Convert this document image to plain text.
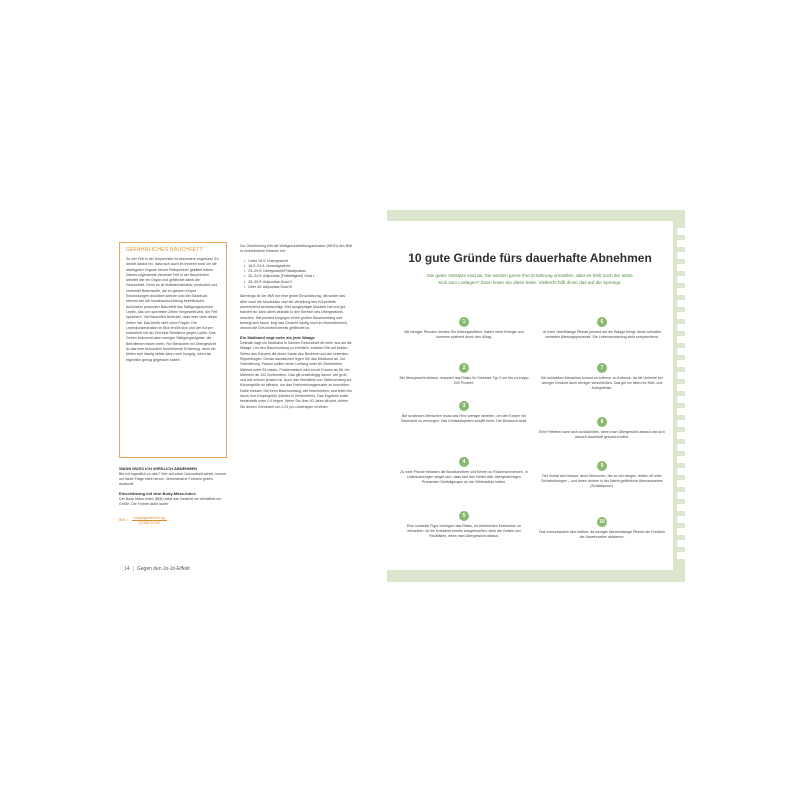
GEFÄHRLICHES BAUCHFETT
Zu viel Fett in der Körpermitte ist besonders ungesund. Es deutet darauf hin, dass sich auch im Inneren rund um die wichtigsten Organe herum Fettspeicher gebildet haben. Dieses sogenannte viszerale Fett in der Bauchhöhle arbeitet wie ein Organ und gefährdet dabei die Gesundheit. Denn es ist stoffwechselaktiv, produziert und verbreitet Botenstoffe, die im ganzen Körper Entzündungen auslösen können und den Blutdruck ebenso wie die Insulinausschüttung beeinflussen. Außerdem produziert Bauchfett das Sättigungshormon Leptin, das von speziellen Zellen hergestellt wird, die Fett speichern. Viel Bauchfett bedeutet, dass man viele dieser Zellen hat. Das bleibt nicht ohne Folgen: Die Leptinkonzentration im Blut erhöht sich und der Körper entwickelt mit der Zeit eine Resistenz gegen Leptin. Das Gehirn bekommt dann weniger Sättigungssignale, die Betroffenen essen mehr. Für Menschen mit Übergewicht ist das eine besonders frustrierende Erfahrung, denn sie fühlen sich häufig selbst dann noch hungrig, wenn sie eigentlich genug gegessen haben.
WANN MUSS ICH WIRKLICH ABNEHMEN
Bin ich eigentlich zu dick? Wer auf seine Gesundheit achtet, kommt um diese Frage nicht herum. Verschiedene Formeln geben Auskunft:
Einschätzung mit dem Body-Mass-Index
Der Body-Mass-Index (BMI) setzt das Gewicht ins Verhältnis zur Größe. Die Formel dafür lautet:
BMI = $\frac{\text{Körpergewicht in kg}}{\text{(Größe in m)²}}$
Zur Orientierung teilt die Weltgesundheitsorganisation (WHO) den BMI in verschiedene Klassen ein:
• Unter 16,5: Untergewicht
• 16,5–24,9: Normalgewicht
• 25–29,9: Übergewicht/Präadipositas
• 30–34,9: Adipositas (Fettleibigkeit) Grad I
• 35–39,9: Adipositas Grad II
• Über 40: Adipositas Grad III
Allerdings ist der BMI nur eine grobe Einschätzung, die weder das Alter noch die Muskulatur und die Verteilung des Körperfetts ausreichend berücksichtigt. Wer ausgeprägte Muskeln hat und gut trainiert ist, kann allein deshalb in den Bereich des Übergewichts rutschen. Hat jemand hingegen einen großen Bauchumfang und bewegt sich kaum, liegt das Gewicht häufig noch im Normalbereich, obwohl die Gesundheit bereits gefährdet ist.
Ein Maßband sagt mehr als jede Waage
Deshalb sagt ein Maßband in Sachen Gesundheit oft mehr aus als die Waage. Um den Bauchumfang zu ermitteln, ertasten Sie auf beiden Seiten des Körpers die obere Kante des Beckens und den untersten Rippenbogen. Genau dazwischen legen Sie das Maßband an. Zur Orientierung: Frauen sollten einen Umfang unter 80 Zentimetern, Männer unter 94 haben. Problematisch wird es bei Frauen ab 88, bei Männern ab 102 Zentimetern. Das gilt unabhängig davon, wie groß und wie schwer jemand ist. Auch das Verhältnis von Taillenumfang zur Körpergröße ist hilfreich, um das Fettverteilungsmuster zu beurteilen. Dafür messen Sie Ihren Bauchumfang, wie beschrieben, und teilen ihn durch Ihre Körpergröße (beides in Zentimetern). Das Ergebnis sollte bestenfalls unter 0,5 liegen. Wenn Sie über 40 Jahre alt sind, dürfen Sie diesen Grenzwert um 0,01 pro Lebensjahr erhöhen.
14 | Gegen den Jo-Jo-Effekt
10 gute Gründe fürs dauerhafte Abnehmen
Die guten Vorsätze sind da. Sie würden gerne Ihre Ernährung umstellen, aber es fehlt noch der letzte Kick zum Loslegen? Dann lesen Sie diese Seite. Vielleicht hilft Ihnen das auf die Sprünge.
1
Mit weniger Pfunden werden Sie leistungsstärker, haben mehr Energie und kommen spielend durch den Alltag.
2
Bei Übergewicht abbaut, reduziert das Risiko für Diabetes Typ 2 um bis zu knapp 200 Prozent.
3
Bei schlanken Menschen muss das Herz weniger arbeiten, um den Körper mit Sauerstoff zu versorgen. Das Kreislaufsystem schafft mehr. Der Blutdruck sinkt.
4
Zu viele Pfunde belasten die Bandscheiben und führen zu Rückenschmerzen. In Untersuchungen zeigte sich, dass fast drei Viertel aller übergewichtigen Probanden Schädigungen an der Wirbelsäule hatten.
5
Eine schlanke Figur verringert das Risiko, an bestimmten Krebsarten zu erkranken. Ist die Krankheit bereits ausgebrochen, sinkt die Gefahr von Rückfällen, wenn man Übergewicht abbaut.
6
Je mehr überflüssige Pfunde jemand auf die Waage bringt, desto schneller verlaufen Alterungsprozesse. Die Lebenserwartung sinkt entsprechend.
7
Bei schlanken Menschen kommt es seltener zu Arthrose, da die Gelenke bei weniger Gewicht auch weniger verschleißen. Das gilt vor allem für Hüft- und Kniegelenke.
8
Eine Fettleber kann sich zurückbilden, wenn man Übergewicht abbaut und sich danach dauerhaft gesund ernährt.
9
Der Schlaf wird besser, denn Menschen, die zu viel wiegen, leiden oft unter Schlafstörungen – und ihnen drohen in der Nacht gefährliche Atemaussetzer (Schlafapnoe).
10
Das Immunsystem wird stärker, da weniger überschüssige Pfunde die Funktion der Abwehrzellen aktivieren.
